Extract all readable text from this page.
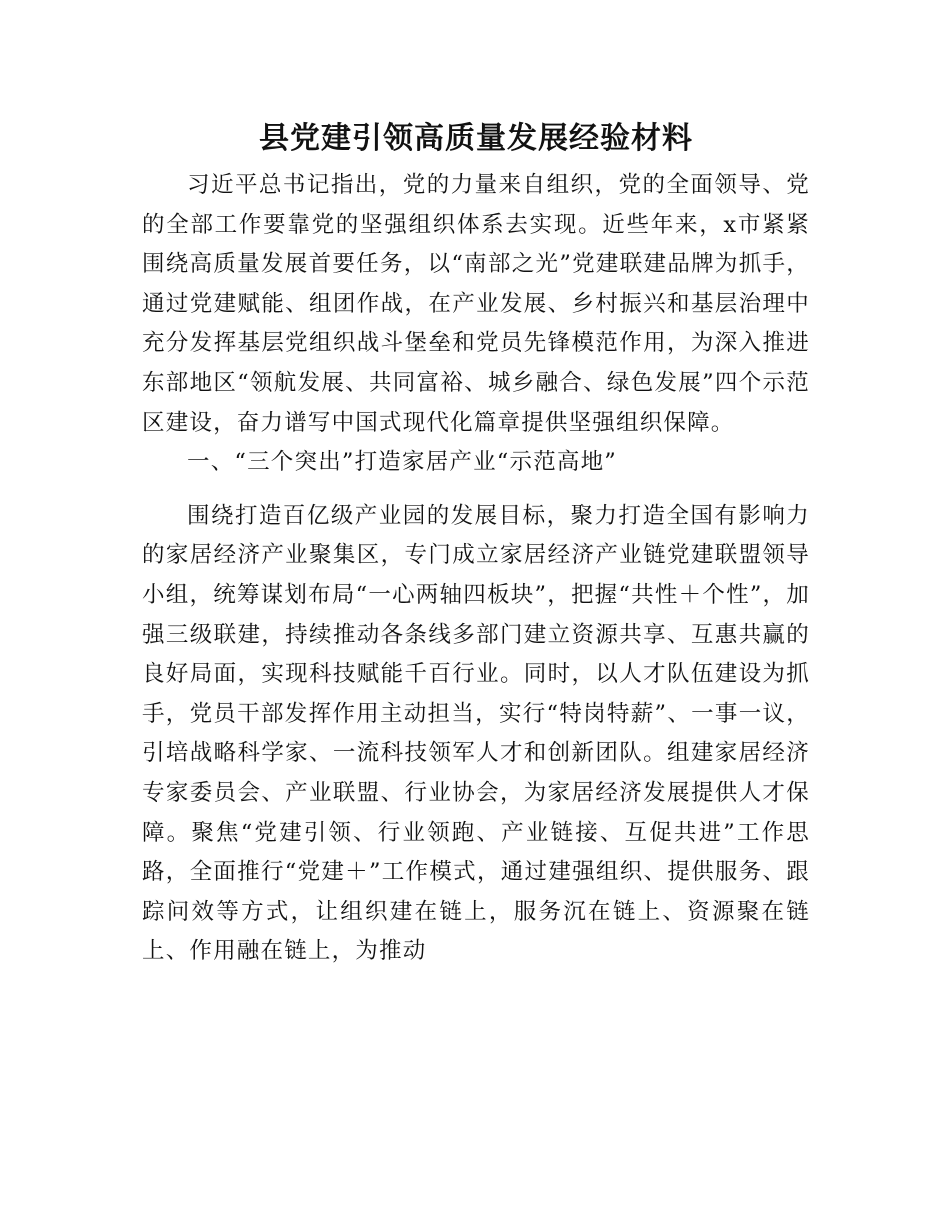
县党建引领高质量发展经验材料

习近平总书记指出，党的力量来自组织，党的全面领导、党的全部工作要靠党的坚强组织体系去实现。近些年来，x市紧紧围绕高质量发展首要任务，以“南部之光”党建联建品牌为抓手，通过党建赋能、组团作战，在产业发展、乡村振兴和基层治理中充分发挥基层党组织战斗堡垒和党员先锋模范作用，为深入推进东部地区“领航发展、共同富裕、城乡融合、绿色发展”四个示范区建设，奋力谱写中国式现代化篇章提供坚强组织保障。

一、“三个突出”打造家居产业“示范高地”

围绕打造百亿级产业园的发展目标，聚力打造全国有影响力的家居经济产业聚集区，专门成立家居经济产业链党建联盟领导小组，统筹谋划布局“一心两轴四板块”，把握“共性＋个性”，加强三级联建，持续推动各条线多部门建立资源共享、互惠共赢的良好局面，实现科技赋能千百行业。同时，以人才队伍建设为抓手，党员干部发挥作用主动担当，实行“特岗特薪”、一事一议，引培战略科学家、一流科技领军人才和创新团队。组建家居经济专家委员会、产业联盟、行业协会，为家居经济发展提供人才保障。聚焦“党建引领、行业领跑、产业链接、互促共进”工作思路，全面推行“党建＋”工作模式，通过建强组织、提供服务、跟踪问效等方式，让组织建在链上，服务沉在链上、资源聚在链上、作用融在链上，为推动
